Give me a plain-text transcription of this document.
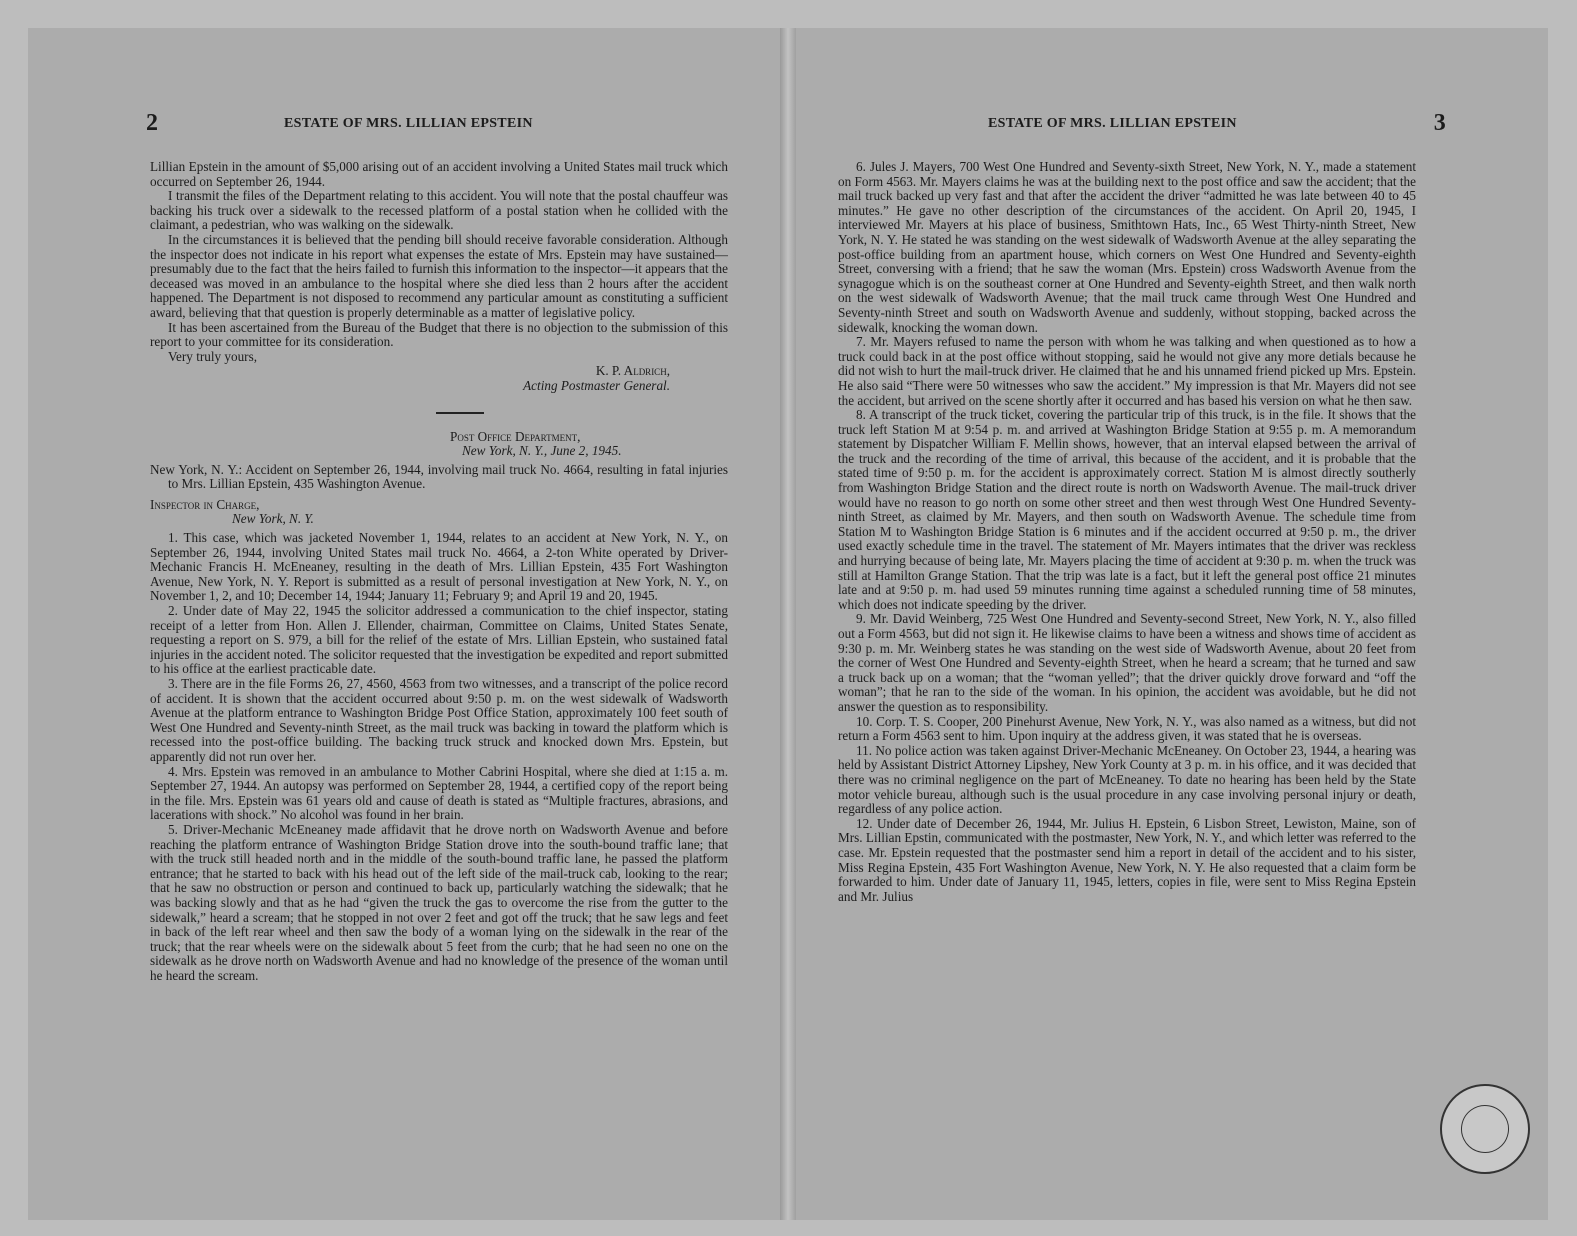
2	ESTATE OF MRS. LILLIAN EPSTEIN

Lillian Epstein in the amount of $5,000 arising out of an accident involving a United States mail truck which occurred on September 26, 1944.

I transmit the files of the Department relating to this accident. You will note that the postal chauffeur was backing his truck over a sidewalk to the recessed platform of a postal station when he collided with the claimant, a pedestrian, who was walking on the sidewalk.

In the circumstances it is believed that the pending bill should receive favorable consideration. Although the inspector does not indicate in his report what expenses the estate of Mrs. Epstein may have sustained—presumably due to the fact that the heirs failed to furnish this information to the inspector—it appears that the deceased was moved in an ambulance to the hospital where she died less than 2 hours after the accident happened. The Department is not disposed to recommend any particular amount as constituting a sufficient award, believing that that question is properly determinable as a matter of legislative policy.

It has been ascertained from the Bureau of the Budget that there is no objection to the submission of this report to your committee for its consideration.

Very truly yours,

K. P. Aldrich,
Acting Postmaster General.
Post Office Department,
New York, N. Y., June 2, 1945.

New York, N. Y.: Accident on September 26, 1944, involving mail truck No. 4664, resulting in fatal injuries to Mrs. Lillian Epstein, 435 Washington Avenue.

Inspector in Charge,
New York, N. Y.

1. This case, which was jacketed November 1, 1944, relates to an accident at New York, N. Y., on September 26, 1944, involving United States mail truck No. 4664, a 2-ton White operated by Driver-Mechanic Francis H. McEneaney, resulting in the death of Mrs. Lillian Epstein, 435 Fort Washington Avenue, New York, N. Y. Report is submitted as a result of personal investigation at New York, N. Y., on November 1, 2, and 10; December 14, 1944; January 11; February 9; and April 19 and 20, 1945.

2. Under date of May 22, 1945 the solicitor addressed a communication to the chief inspector, stating receipt of a letter from Hon. Allen J. Ellender, chairman, Committee on Claims, United States Senate, requesting a report on S. 979, a bill for the relief of the estate of Mrs. Lillian Epstein, who sustained fatal injuries in the accident noted. The solicitor requested that the investigation be expedited and report submitted to his office at the earliest practicable date.

3. There are in the file Forms 26, 27, 4560, 4563 from two witnesses, and a transcript of the police record of accident. It is shown that the accident occurred about 9:50 p. m. on the west sidewalk of Wadsworth Avenue at the platform entrance to Washington Bridge Post Office Station, approximately 100 feet south of West One Hundred and Seventy-ninth Street, as the mail truck was backing in toward the platform which is recessed into the post-office building. The backing truck struck and knocked down Mrs. Epstein, but apparently did not run over her.

4. Mrs. Epstein was removed in an ambulance to Mother Cabrini Hospital, where she died at 1:15 a. m. September 27, 1944. An autopsy was performed on September 28, 1944, a certified copy of the report being in the file. Mrs. Epstein was 61 years old and cause of death is stated as “Multiple fractures, abrasions, and lacerations with shock.” No alcohol was found in her brain.

5. Driver-Mechanic McEneaney made affidavit that he drove north on Wadsworth Avenue and before reaching the platform entrance of Washington Bridge Station drove into the south-bound traffic lane; that with the truck still headed north and in the middle of the south-bound traffic lane, he passed the platform entrance; that he started to back with his head out of the left side of the mail-truck cab, looking to the rear; that he saw no obstruction or person and continued to back up, particularly watching the sidewalk; that he was backing slowly and that as he had “given the truck the gas to overcome the rise from the gutter to the sidewalk,” heard a scream; that he stopped in not over 2 feet and got off the truck; that he saw legs and feet in back of the left rear wheel and then saw the body of a woman lying on the sidewalk in the rear of the truck; that the rear wheels were on the sidewalk about 5 feet from the curb; that he had seen no one on the sidewalk as he drove north on Wadsworth Avenue and had no knowledge of the presence of the woman until he heard the scream.

ESTATE OF MRS. LILLIAN EPSTEIN	3

6. Jules J. Mayers, 700 West One Hundred and Seventy-sixth Street, New York, N. Y., made a statement on Form 4563. Mr. Mayers claims he was at the building next to the post office and saw the accident; that the mail truck backed up very fast and that after the accident the driver “admitted he was late between 40 to 45 minutes.” He gave no other description of the circumstances of the accident. On April 20, 1945, I interviewed Mr. Mayers at his place of business, Smithtown Hats, Inc., 65 West Thirty-ninth Street, New York, N. Y. He stated he was standing on the west sidewalk of Wadsworth Avenue at the alley separating the post-office building from an apartment house, which corners on West One Hundred and Seventy-eighth Street, conversing with a friend; that he saw the woman (Mrs. Epstein) cross Wadsworth Avenue from the synagogue which is on the southeast corner at One Hundred and Seventy-eighth Street, and then walk north on the west sidewalk of Wadsworth Avenue; that the mail truck came through West One Hundred and Seventy-ninth Street and south on Wadsworth Avenue and suddenly, without stopping, backed across the sidewalk, knocking the woman down.

7. Mr. Mayers refused to name the person with whom he was talking and when questioned as to how a truck could back in at the post office without stopping, said he would not give any more detials because he did not wish to hurt the mail-truck driver. He claimed that he and his unnamed friend picked up Mrs. Epstein. He also said “There were 50 witnesses who saw the accident.” My impression is that Mr. Mayers did not see the accident, but arrived on the scene shortly after it occurred and has based his version on what he then saw.

8. A transcript of the truck ticket, covering the particular trip of this truck, is in the file. It shows that the truck left Station M at 9:54 p. m. and arrived at Washington Bridge Station at 9:55 p. m. A memorandum statement by Dispatcher William F. Mellin shows, however, that an interval elapsed between the arrival of the truck and the recording of the time of arrival, this because of the accident, and it is probable that the stated time of 9:50 p. m. for the accident is approximately correct. Station M is almost directly southerly from Washington Bridge Station and the direct route is north on Wadsworth Avenue. The mail-truck driver would have no reason to go north on some other street and then west through West One Hundred Seventy-ninth Street, as claimed by Mr. Mayers, and then south on Wadsworth Avenue. The schedule time from Station M to Washington Bridge Station is 6 minutes and if the accident occurred at 9:50 p. m., the driver used exactly schedule time in the travel. The statement of Mr. Mayers intimates that the driver was reckless and hurrying because of being late, Mr. Mayers placing the time of accident at 9:30 p. m. when the truck was still at Hamilton Grange Station. That the trip was late is a fact, but it left the general post office 21 minutes late and at 9:50 p. m. had used 59 minutes running time against a scheduled running time of 58 minutes, which does not indicate speeding by the driver.

9. Mr. David Weinberg, 725 West One Hundred and Seventy-second Street, New York, N. Y., also filled out a Form 4563, but did not sign it. He likewise claims to have been a witness and shows time of accident as 9:30 p. m. Mr. Weinberg states he was standing on the west side of Wadsworth Avenue, about 20 feet from the corner of West One Hundred and Seventy-eighth Street, when he heard a scream; that he turned and saw a truck back up on a woman; that the “woman yelled”; that the driver quickly drove forward and “off the woman”; that he ran to the side of the woman. In his opinion, the accident was avoidable, but he did not answer the question as to responsibility.

10. Corp. T. S. Cooper, 200 Pinehurst Avenue, New York, N. Y., was also named as a witness, but did not return a Form 4563 sent to him. Upon inquiry at the address given, it was stated that he is overseas.

11. No police action was taken against Driver-Mechanic McEneaney. On October 23, 1944, a hearing was held by Assistant District Attorney Lipshey, New York County at 3 p. m. in his office, and it was decided that there was no criminal negligence on the part of McEneaney. To date no hearing has been held by the State motor vehicle bureau, although such is the usual procedure in any case involving personal injury or death, regardless of any police action.

12. Under date of December 26, 1944, Mr. Julius H. Epstein, 6 Lisbon Street, Lewiston, Maine, son of Mrs. Lillian Epstin, communicated with the postmaster, New York, N. Y., and which letter was referred to the case. Mr. Epstein requested that the postmaster send him a report in detail of the accident and to his sister, Miss Regina Epstein, 435 Fort Washington Avenue, New York, N. Y. He also requested that a claim form be forwarded to him. Under date of January 11, 1945, letters, copies in file, were sent to Miss Regina Epstein and Mr. Julius
